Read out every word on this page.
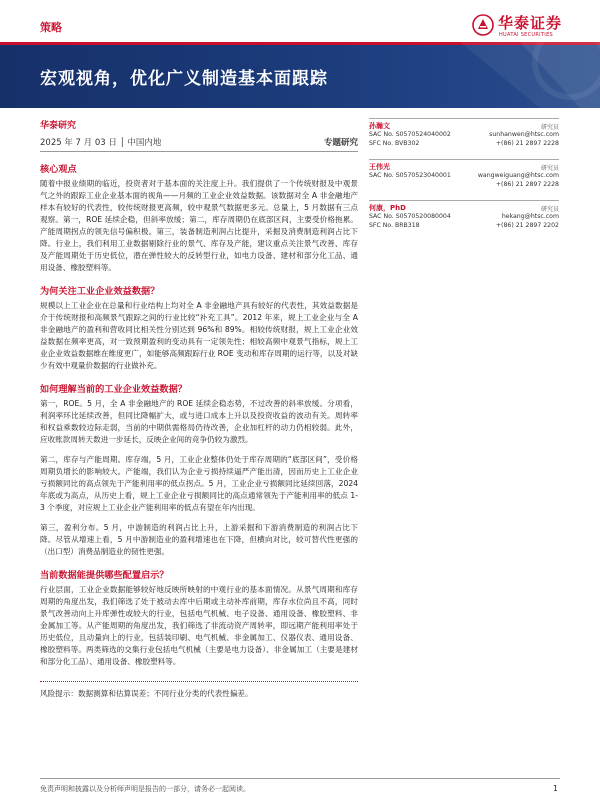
策略	华泰证券
HUATAI SECURITIES
宏观视角，优化广义制造基本面跟踪
华泰研究
2025 年 7 月 03 日 │ 中国内地	专题研究
核心观点

随着中报业绩期的临近，投资者对于基本面的关注度上升。我们提供了一个传统财报及中观景气之外的跟踪工业企业基本面的视角——月频的工业企业效益数据。该数据对全 A 非金融地产样本有较好的代表性，较传统财报更高频，较中观景气数据更多元。总量上，5 月数据有三点观察。第一，ROE 延续企稳，但斜率放缓；第二，库存周期仍在底部区间，主要受价格拖累。产能周期拐点的领先信号偏积极。第三，装备制造利润占比提升，采掘及消费制造利润占比下降。行业上，我们利用工业数据剔除行业的景气、库存及产能，建议重点关注景气改善、库存及产能周期处于历史低位，潜在弹性较大的反转型行业，如电力设备、建材和部分化工品、通用设备、橡胶塑料等。

为何关注工业企业效益数据？

规模以上工业企业在总量和行业结构上均对全 A 非金融地产具有较好的代表性，其效益数据是介于传统财报和高频景气跟踪之间的行业比较“补充工具”。2012 年来，规上工业企业与全 A 非金融地产的盈利和营收同比相关性分别达到 96%和 89%。相较传统财报，规上工业企业效益数据在频率更高，对一致预期盈利的变动具有一定领先性；相较高频中观景气指标，规上工业企业效益数据维在维度更广，如能够高频跟踪行业 ROE 变动和库存周期的运行等，以及对缺少有效中观量价数据的行业做补充。

如何理解当前的工业企业效益数据？

第一，ROE。5 月，全 A 非金融地产的 ROE 延续企稳态势，不过改善的斜率放缓。分项看，利润率环比延续改善，但同比降幅扩大，或与进口成本上升以及投资收益的波动有关。周转率和权益乘数较边际走弱，当前的中期供需格局仍待改善，企业加杠杆的动力仍相较弱。此外，应收账款周转天数进一步延长，反映企业间的竞争仍较为激烈。

第二，库存与产能周期。库存端，5 月，工业企业整体仍处于库存周期的“底部区间”，受价格周期负增长的影响较大。产能端，我们认为企业亏损持续逼严产能出清，因而历史上工业企业亏损额同比的高点领先于产能利用率的低点拐点。5 月，工业企业亏损额同比延续回落，2024 年底或为高点，从历史上看，规上工业企业亏损额同比的高点通常领先于产能利用率的低点 1-3 个季度，对应规上工业企业产能利用率的低点有望在年内出现。

第三，盈利分布。5 月，中游制造的利润占比上升，上游采掘和下游消费制造的利润占比下降。尽管从增速上看，5 月中游制造业的盈利增速也在下降，但横向对比，较可替代性更强的（出口型）消费品制造业的韧性更强。

当前数据能提供哪些配置启示？

行业层面，工业企业数据能够较好地反映所映射的中观行业的基本面情况。从景气周期和库存周期的角度出发，我们筛选了处于被动去库中后期或主动补库前期，库存水位尚且不高，同时景气改善动向上升库弹性或较大的行业，包括电气机械、电子设备、通用设备、橡胶塑料、非金属加工等。从产能周期的角度出发，我们筛选了非流动资产周转率，即远期产能利用率处于历史低位，且动量向上的行业，包括装印刷、电气机械、非金属加工、仪器仪表、通用设备、橡胶塑料等。两类筛选的交集行业包括电气机械（主要是电力设备）、非金属加工（主要是建材和部分化工品）、通用设备、橡胶塑料等。

风险提示：数据测算和估算误差；不同行业分类的代表性偏差。

孙瀚文	研究员
SAC No. S0570524040002	sunhanwen@htsc.com
SFC No. BVB302	+(86) 21 2897 2228
王伟光	研究员
SAC No. S0570523040001	wangweiguang@htsc.com
+(86) 21 2897 2228
何康，PhD	研究员
SAC No. S0570520080004	hekang@htsc.com
SFC No. BRB318	+(86) 21 2897 2202
免责声明和披露以及分析师声明是报告的一部分，请务必一起阅读。	1
